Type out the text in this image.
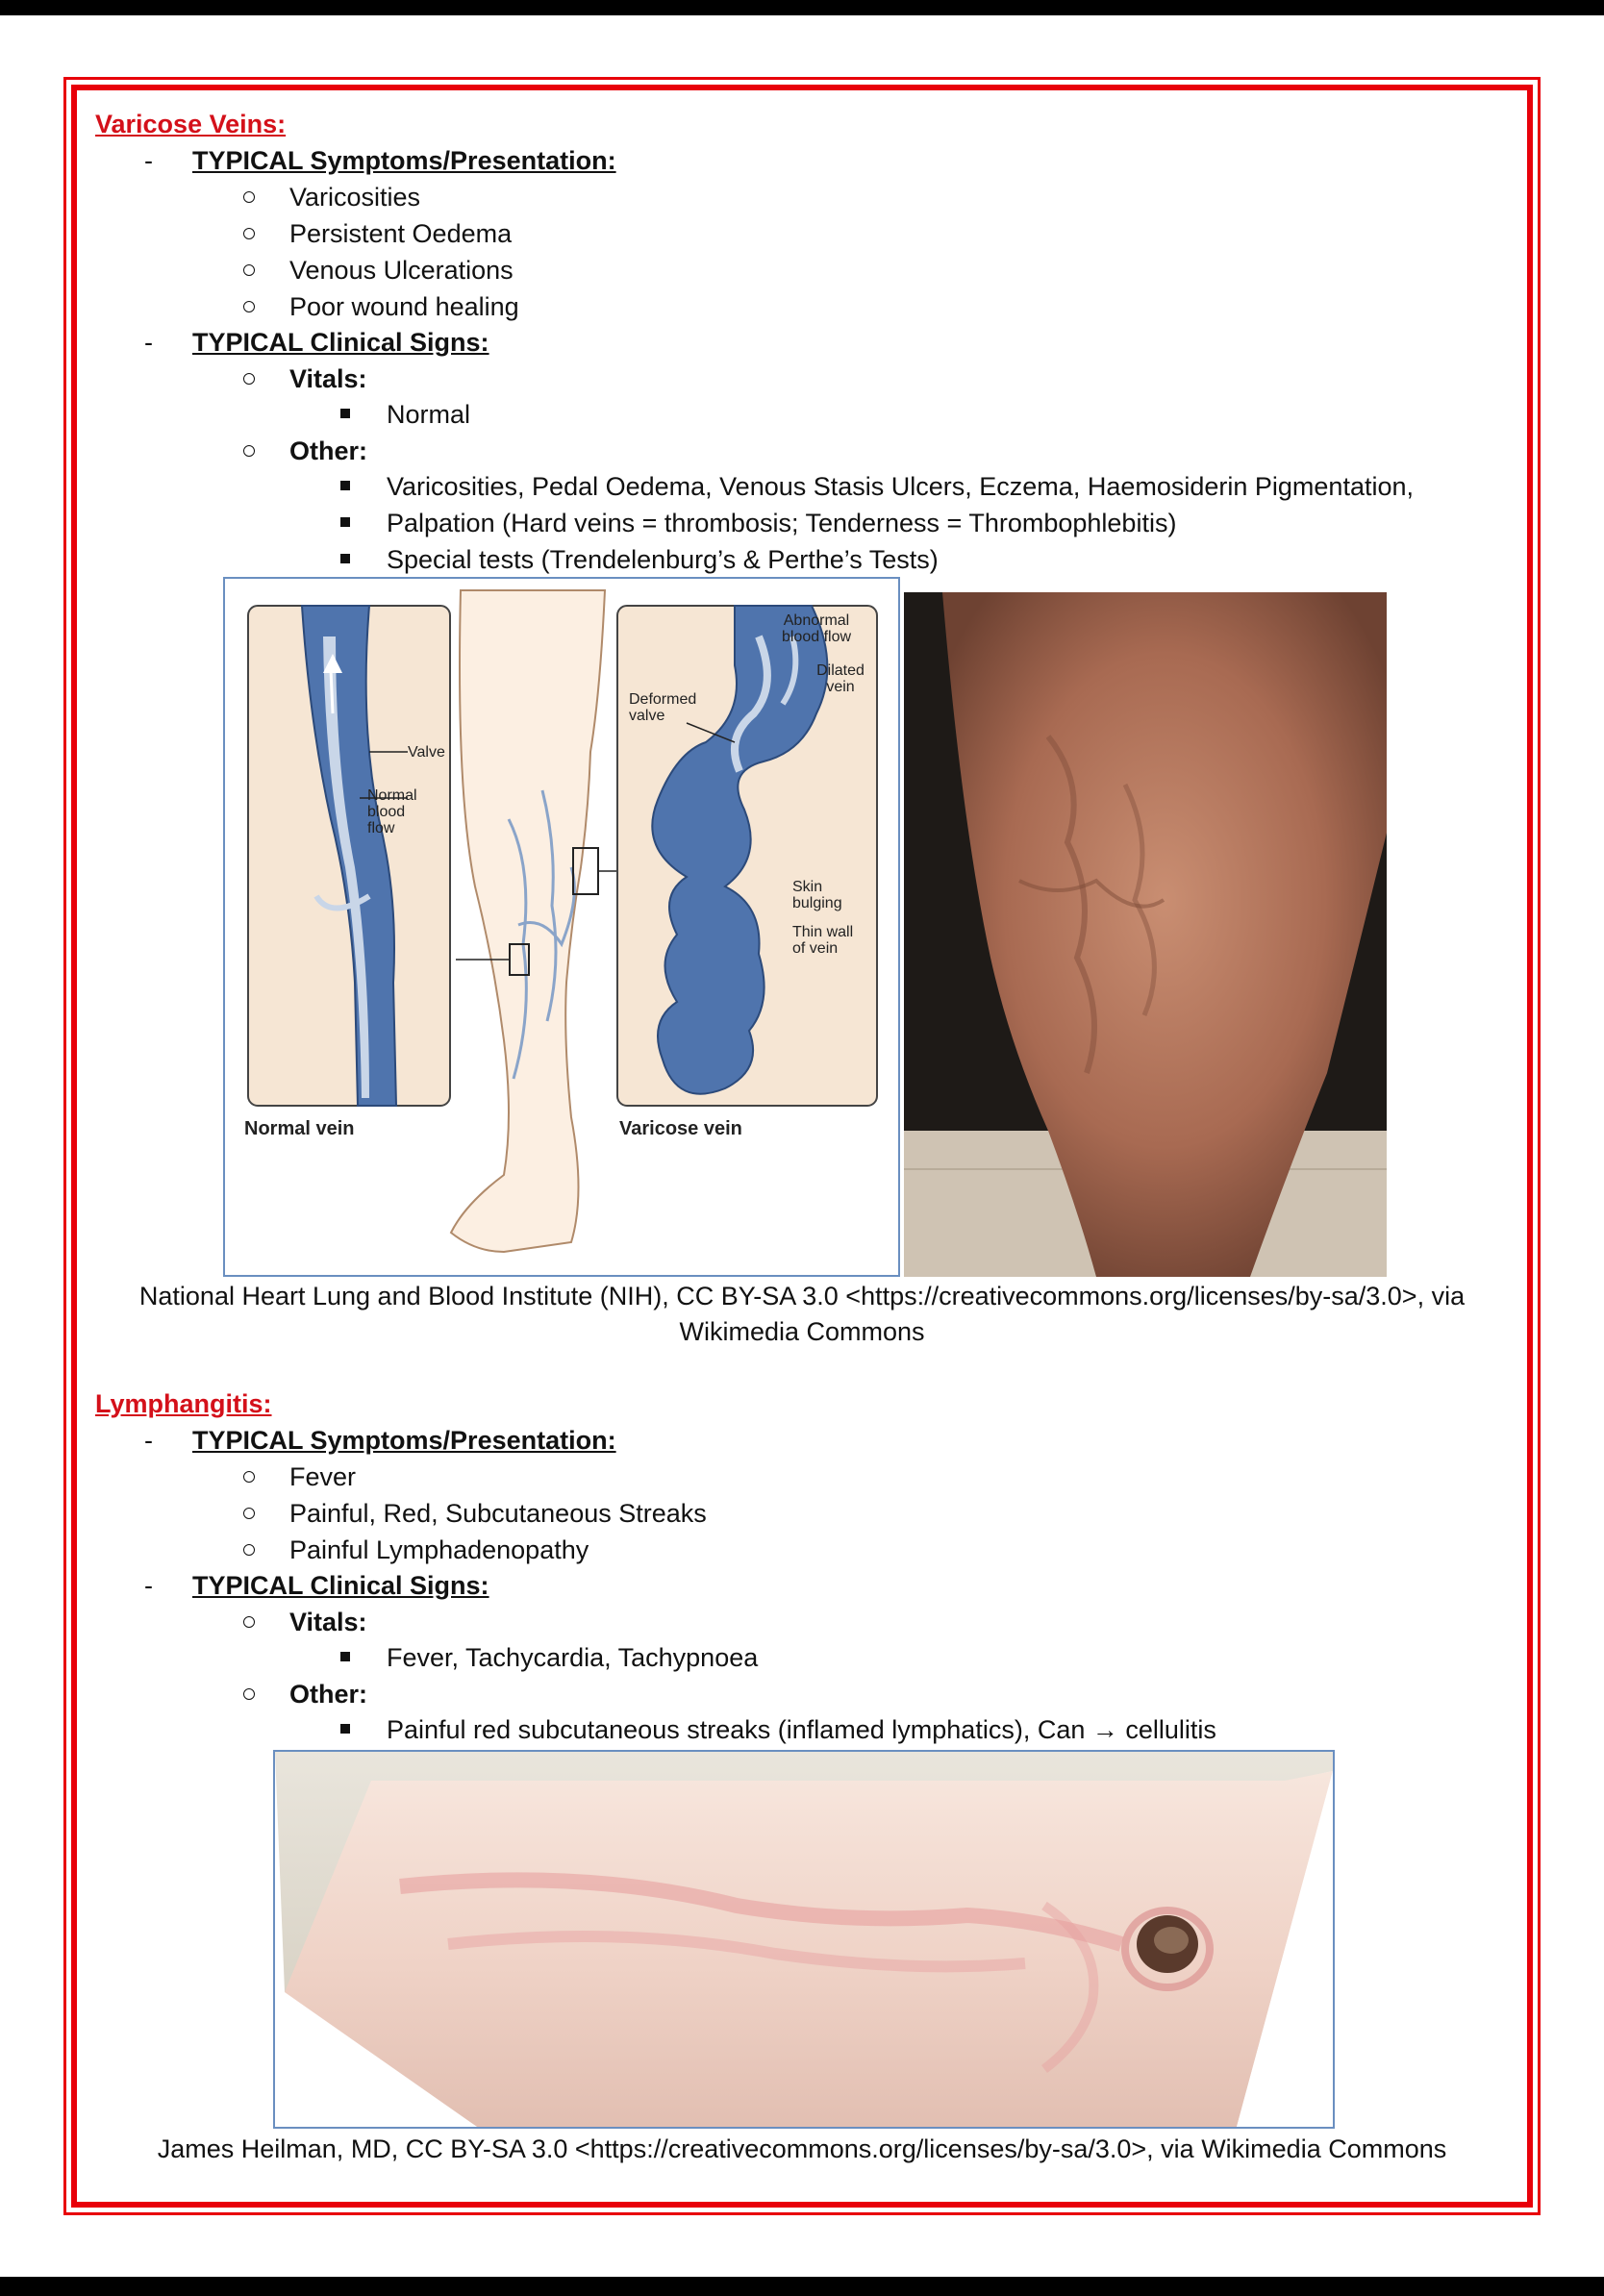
Varicose Veins:
- TYPICAL Symptoms/Presentation:
Varicosities
Persistent Oedema
Venous Ulcerations
Poor wound healing
- TYPICAL Clinical Signs:
Vitals:
Normal
Other:
Varicosities, Pedal Oedema, Venous Stasis Ulcers, Eczema, Haemosiderin Pigmentation,
Palpation (Hard veins = thrombosis; Tenderness = Thrombophlebitis)
Special tests (Trendelenburg’s & Perthe’s Tests)
Valve
Normal blood flow
Normal vein
Abnormal blood flow
Dilated vein
Deformed valve
Skin bulging
Thin wall of vein
Varicose vein
National Heart Lung and Blood Institute (NIH), CC BY-SA 3.0 <https://creativecommons.org/licenses/by-sa/3.0>, via
Wikimedia Commons
Lymphangitis:
- TYPICAL Symptoms/Presentation:
Fever
Painful, Red, Subcutaneous Streaks
Painful Lymphadenopathy
- TYPICAL Clinical Signs:
Vitals:
Fever, Tachycardia, Tachypnoea
Other:
Painful red subcutaneous streaks (inflamed lymphatics), Can → cellulitis
James Heilman, MD, CC BY-SA 3.0 <https://creativecommons.org/licenses/by-sa/3.0>, via Wikimedia Commons
